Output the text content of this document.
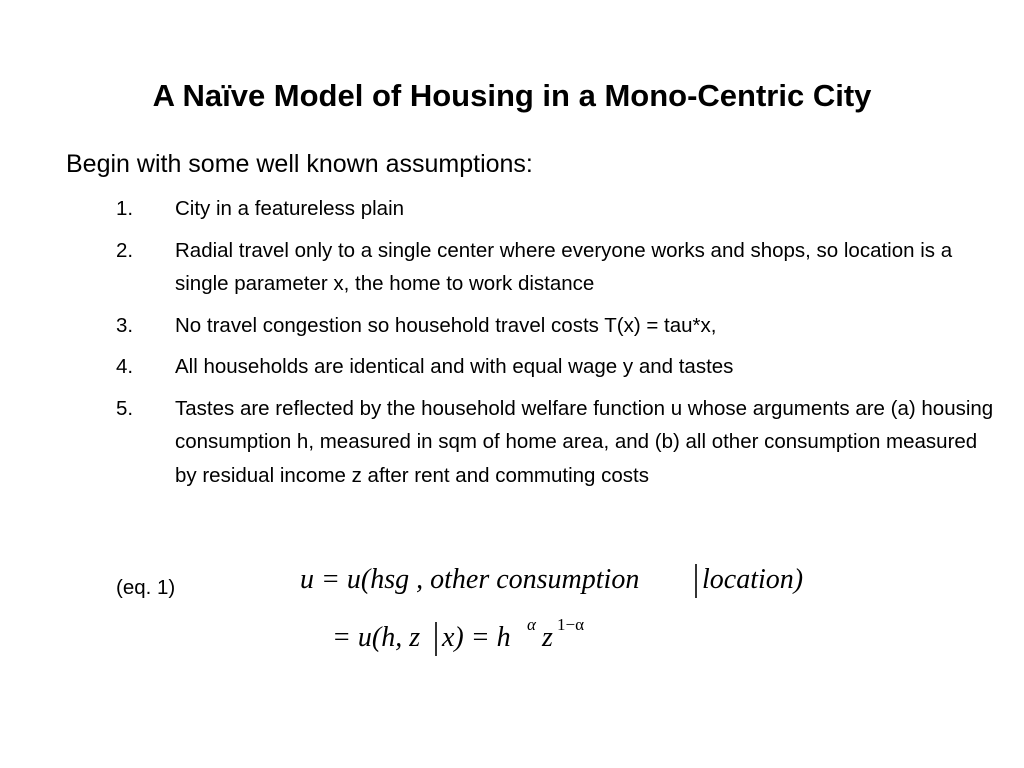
A Naïve Model of Housing in a Mono-Centric City

Begin with some well known assumptions:

1.	City in a featureless plain
2.	Radial travel only to a single center where everyone works and shops, so location is a single parameter x, the home to work distance
3.	No travel congestion so household travel costs T(x) = tau*x,
4.	All households are identical and with equal wage y and tastes
5.	Tastes are reflected by the household welfare function u whose arguments are (a) housing consumption h, measured in sqm of home area, and (b) all other consumption measured by residual income z after rent and commuting costs
(eq. 1)	u = u(hsg , other consumption location)
= u(h, z x) = h α z 1−α
